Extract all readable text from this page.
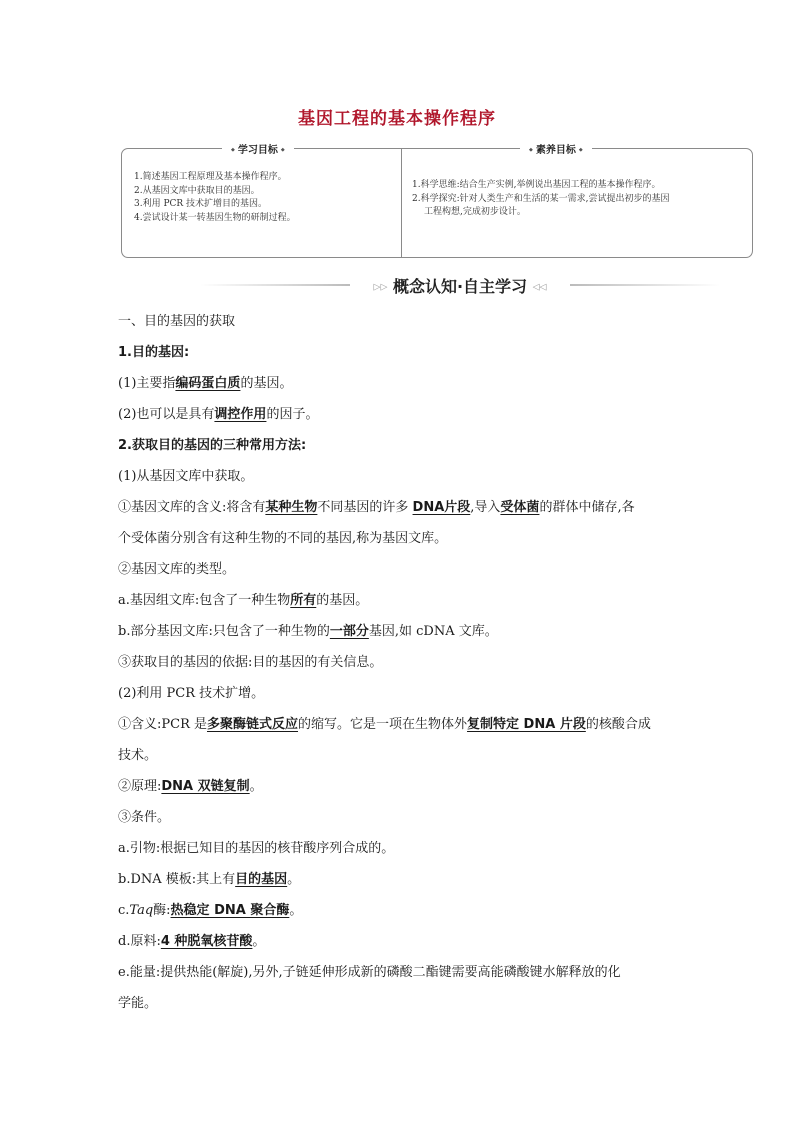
基因工程的基本操作程序
◆ 学习目标 ◆
◆	素养目标 ◆
1.简述基因工程原理及基本操作程序。
2.从基因文库中获取目的基因。
3.利用 PCR 技术扩增目的基因。
4.尝试设计某一转基因生物的研制过程。
1.科学思维:结合生产实例,举例说出基因工程的基本操作程序。
2.科学探究:针对人类生产和生活的某一需求,尝试提出初步的基因
工程构想,完成初步设计。
▷▷ 概念认知·自主学习 ◁◁
一、目的基因的获取
1.目的基因:
(1)主要指编码蛋白质的基因。
(2)也可以是具有调控作用的因子。
2.获取目的基因的三种常用方法:
(1)从基因文库中获取。
①基因文库的含义:将含有某种生物不同基因的许多 DNA片段,导入受体菌的群体中储存,各
个受体菌分别含有这种生物的不同的基因,称为基因文库。
②基因文库的类型。
a.基因组文库:包含了一种生物所有的基因。
b.部分基因文库:只包含了一种生物的一部分基因,如 cDNA 文库。
③获取目的基因的依据:目的基因的有关信息。
(2)利用 PCR 技术扩增。
①含义:PCR 是多聚酶链式反应的缩写。它是一项在生物体外复制特定 DNA 片段的核酸合成
技术。
②原理:DNA 双链复制。
③条件。
a.引物:根据已知目的基因的核苷酸序列合成的。
b.DNA 模板:其上有目的基因。
c.Taq酶:热稳定 DNA 聚合酶。
d.原料:4 种脱氧核苷酸。
e.能量:提供热能(解旋),另外,子链延伸形成新的磷酸二酯键需要高能磷酸键水解释放的化
学能。
